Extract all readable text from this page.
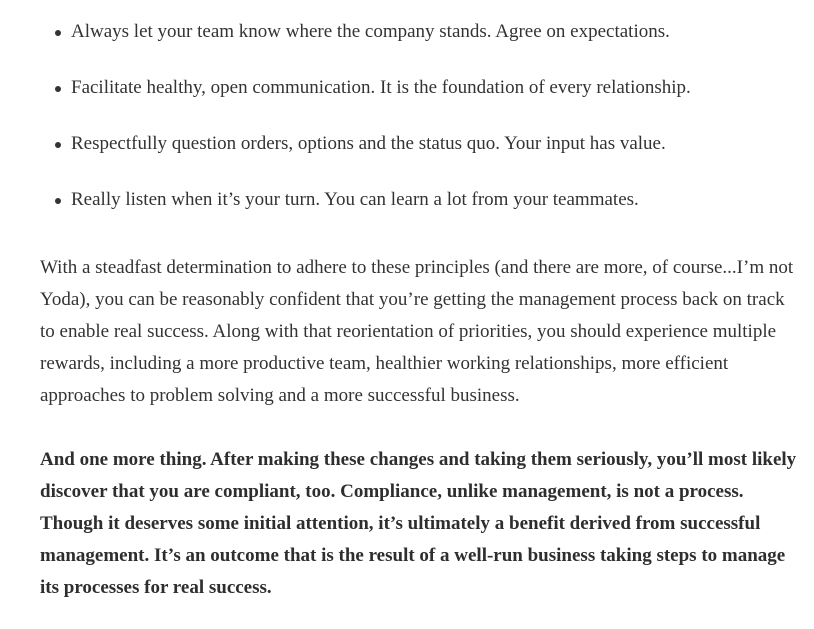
Always let your team know where the company stands. Agree on expectations.
Facilitate healthy, open communication. It is the foundation of every relationship.
Respectfully question orders, options and the status quo. Your input has value.
Really listen when it’s your turn. You can learn a lot from your teammates.

With a steadfast determination to adhere to these principles (and there are more, of course...I’m not Yoda), you can be reasonably confident that you’re getting the management process back on track to enable real success. Along with that reorientation of priorities, you should experience multiple rewards, including a more productive team, healthier working relationships, more efficient approaches to problem solving and a more successful business.

And one more thing. After making these changes and taking them seriously, you’ll most likely discover that you are compliant, too. Compliance, unlike management, is not a process. Though it deserves some initial attention, it’s ultimately a benefit derived from successful management. It’s an outcome that is the result of a well-run business taking steps to manage its processes for real success.
